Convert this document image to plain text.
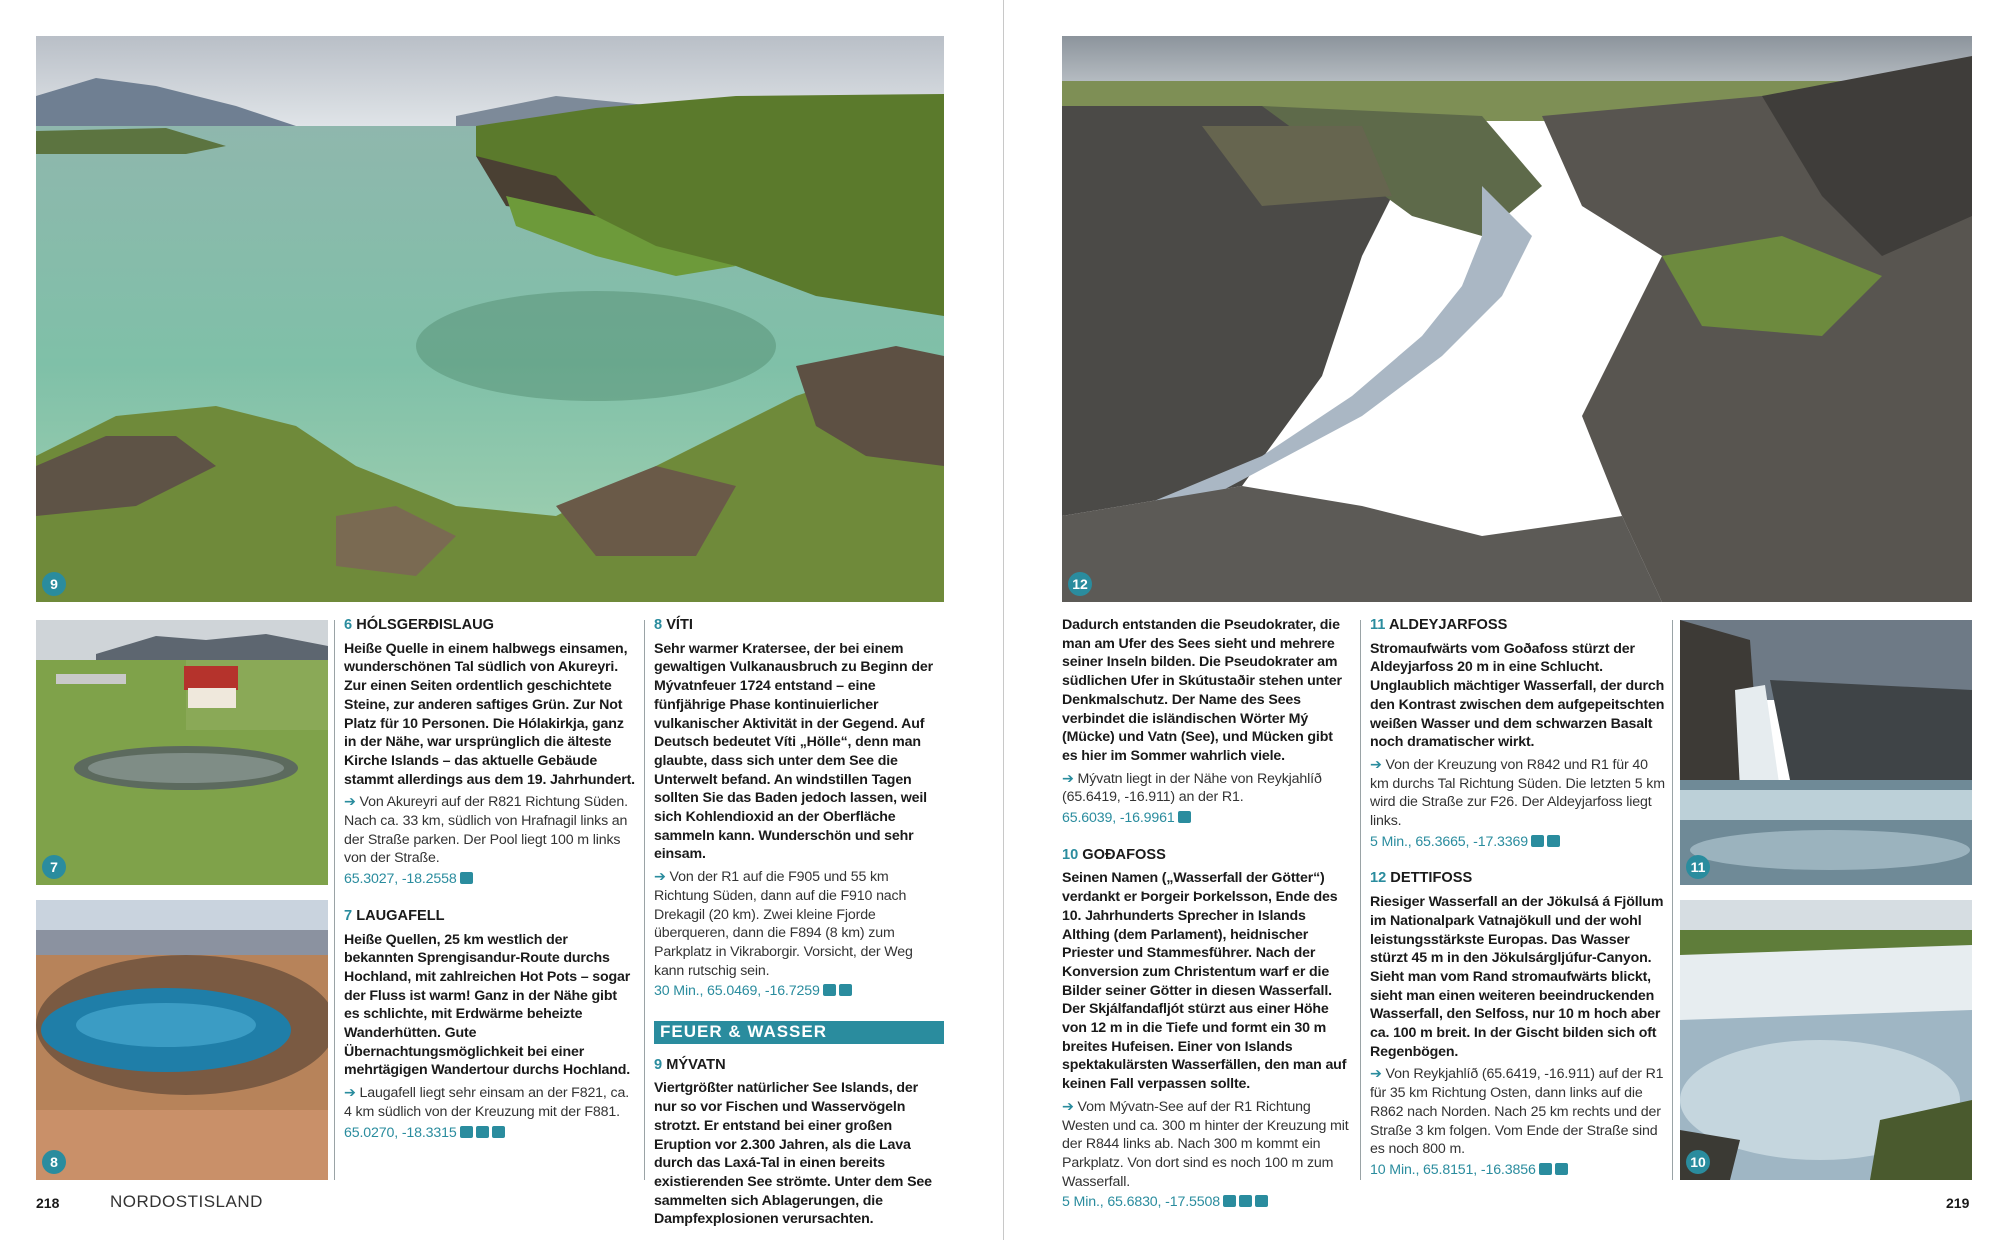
9
7
8

6 HÓLSGERÐISLAUG

Heiße Quelle in einem halbwegs einsamen, wunderschönen Tal südlich von Akureyri. Zur einen Seiten ordentlich geschichtete Steine, zur anderen saftiges Grün. Zur Not Platz für 10 Personen. Die Hólakirkja, ganz in der Nähe, war ursprünglich die älteste Kirche Islands – das aktuelle Gebäude stammt allerdings aus dem 19. Jahrhundert.

➔ Von Akureyri auf der R821 Richtung Süden. Nach ca. 33 km, südlich von Hrafnagil links an der Straße parken. Der Pool liegt 100 m links von der Straße.

65.3027, -18.2558

7 LAUGAFELL

Heiße Quellen, 25 km westlich der bekannten Sprengisandur-Route durchs Hochland, mit zahlreichen Hot Pots – sogar der Fluss ist warm! Ganz in der Nähe gibt es schlichte, mit Erdwärme beheizte Wanderhütten. Gute Übernachtungsmöglichkeit bei einer mehrtägigen Wandertour durchs Hochland.

➔ Laugafell liegt sehr einsam an der F821, ca. 4 km südlich von der Kreuzung mit der F881.

65.0270, -18.3315

8 VÍTI

Sehr warmer Kratersee, der bei einem gewaltigen Vulkanausbruch zu Beginn der Mývatnfeuer 1724 entstand – eine fünfjährige Phase kontinuierlicher vulkanischer Aktivität in der Gegend. Auf Deutsch bedeutet Víti „Hölle“, denn man glaubte, dass sich unter dem See die Unterwelt befand. An windstillen Tagen sollten Sie das Baden jedoch lassen, weil sich Kohlendioxid an der Oberfläche sammeln kann. Wunderschön und sehr einsam.

➔ Von der R1 auf die F905 und 55 km Richtung Süden, dann auf die F910 nach Drekagil (20 km). Zwei kleine Fjorde überqueren, dann die F894 (8 km) zum Parkplatz in Vikraborgir. Vorsicht, der Weg kann rutschig sein.

30 Min., 65.0469, -16.7259

FEUER & WASSER

9 MÝVATN

Viertgrößter natürlicher See Islands, der nur so vor Fischen und Wasservögeln strotzt. Er entstand bei einer großen Eruption vor 2.300 Jahren, als die Lava durch das Laxá-Tal in einen bereits existierenden See strömte. Unter dem See sammelten sich Ablagerungen, die Dampfexplosionen verursachten.

218	NORDOSTISLAND
12
11
10

Dadurch entstanden die Pseudokrater, die man am Ufer des Sees sieht und mehrere seiner Inseln bilden. Die Pseudokrater am südlichen Ufer in Skútustaðir stehen unter Denkmalschutz. Der Name des Sees verbindet die isländischen Wörter Mý (Mücke) und Vatn (See), und Mücken gibt es hier im Sommer wahrlich viele.

➔ Mývatn liegt in der Nähe von Reykjahlíð (65.6419, -16.911) an der R1.

65.6039, -16.9961

10 GOÐAFOSS

Seinen Namen („Wasserfall der Götter“) verdankt er Þorgeir Þorkelsson, Ende des 10. Jahrhunderts Sprecher in Islands Althing (dem Parlament), heidnischer Priester und Stammesführer. Nach der Konversion zum Christentum warf er die Bilder seiner Götter in diesen Wasserfall. Der Skjálfandafljót stürzt aus einer Höhe von 12 m in die Tiefe und formt ein 30 m breites Hufeisen. Einer von Islands spektakulärsten Wasserfällen, den man auf keinen Fall verpassen sollte.

➔ Vom Mývatn-See auf der R1 Richtung Westen und ca. 300 m hinter der Kreuzung mit der R844 links ab. Nach 300 m kommt ein Parkplatz. Von dort sind es noch 100 m zum Wasserfall.

5 Min., 65.6830, -17.5508

11 ALDEYJARFOSS

Stromaufwärts vom Goðafoss stürzt der Aldeyjarfoss 20 m in eine Schlucht. Unglaublich mächtiger Wasserfall, der durch den Kontrast zwischen dem aufgepeitschten weißen Wasser und dem schwarzen Basalt noch dramatischer wirkt.

➔ Von der Kreuzung von R842 und R1 für 40 km durchs Tal Richtung Süden. Die letzten 5 km wird die Straße zur F26. Der Aldeyjarfoss liegt links.

5 Min., 65.3665, -17.3369

12 DETTIFOSS

Riesiger Wasserfall an der Jökulsá á Fjöllum im Nationalpark Vatnajökull und der wohl leistungsstärkste Europas. Das Wasser stürzt 45 m in den Jökulsárgljúfur-Canyon. Sieht man vom Rand stromaufwärts blickt, sieht man einen weiteren beeindruckenden Wasserfall, den Selfoss, nur 10 m hoch aber ca. 100 m breit. In der Gischt bilden sich oft Regenbögen.

➔ Von Reykjahlíð (65.6419, -16.911) auf der R1 für 35 km Richtung Osten, dann links auf die R862 nach Norden. Nach 25 km rechts und der Straße 3 km folgen. Vom Ende der Straße sind es noch 800 m.

10 Min., 65.8151, -16.3856

219
